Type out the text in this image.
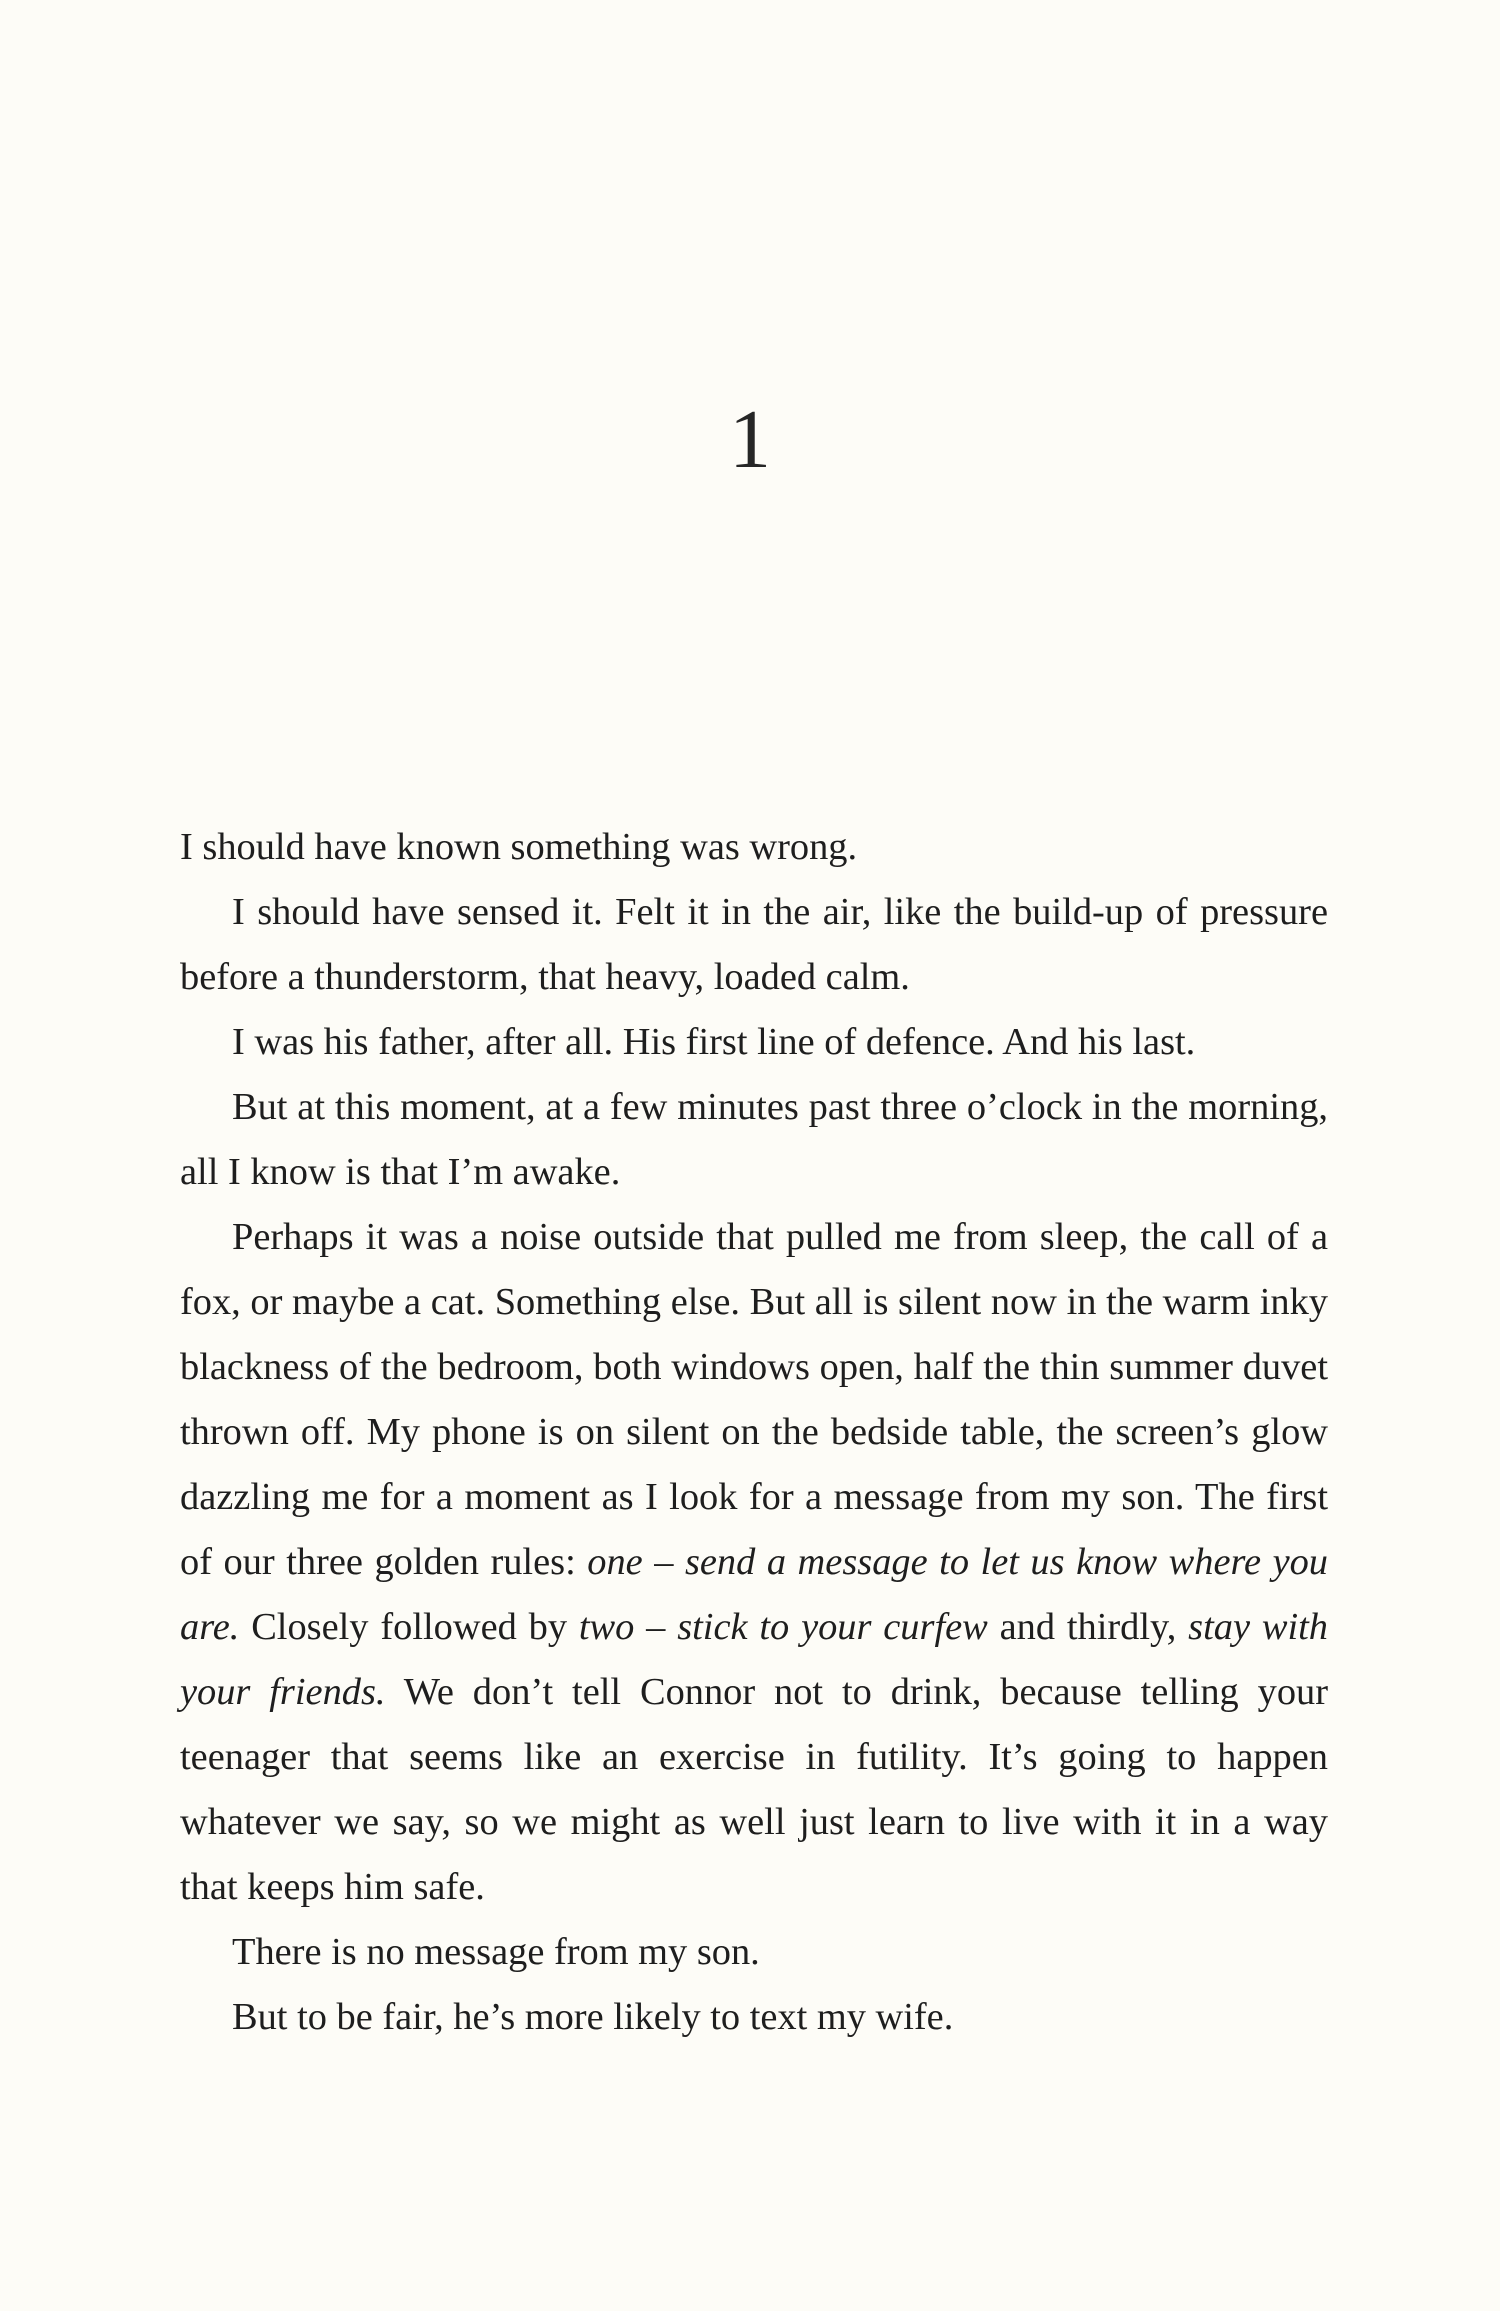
1

I should have known something was wrong.

I should have sensed it. Felt it in the air, like the build-up of pressure before a thunderstorm, that heavy, loaded calm.

I was his father, after all. His first line of defence. And his last.

But at this moment, at a few minutes past three o’clock in the morning, all I know is that I’m awake.

Perhaps it was a noise outside that pulled me from sleep, the call of a fox, or maybe a cat. Something else. But all is silent now in the warm inky blackness of the bedroom, both windows open, half the thin summer duvet thrown off. My phone is on silent on the bedside table, the screen’s glow dazzling me for a moment as I look for a message from my son. The first of our three golden rules: one – send a message to let us know where you are. Closely followed by two – stick to your curfew and thirdly, stay with your friends. We don’t tell Connor not to drink, because telling your teenager that seems like an exercise in futility. It’s going to happen whatever we say, so we might as well just learn to live with it in a way that keeps him safe.

There is no message from my son.

But to be fair, he’s more likely to text my wife.
